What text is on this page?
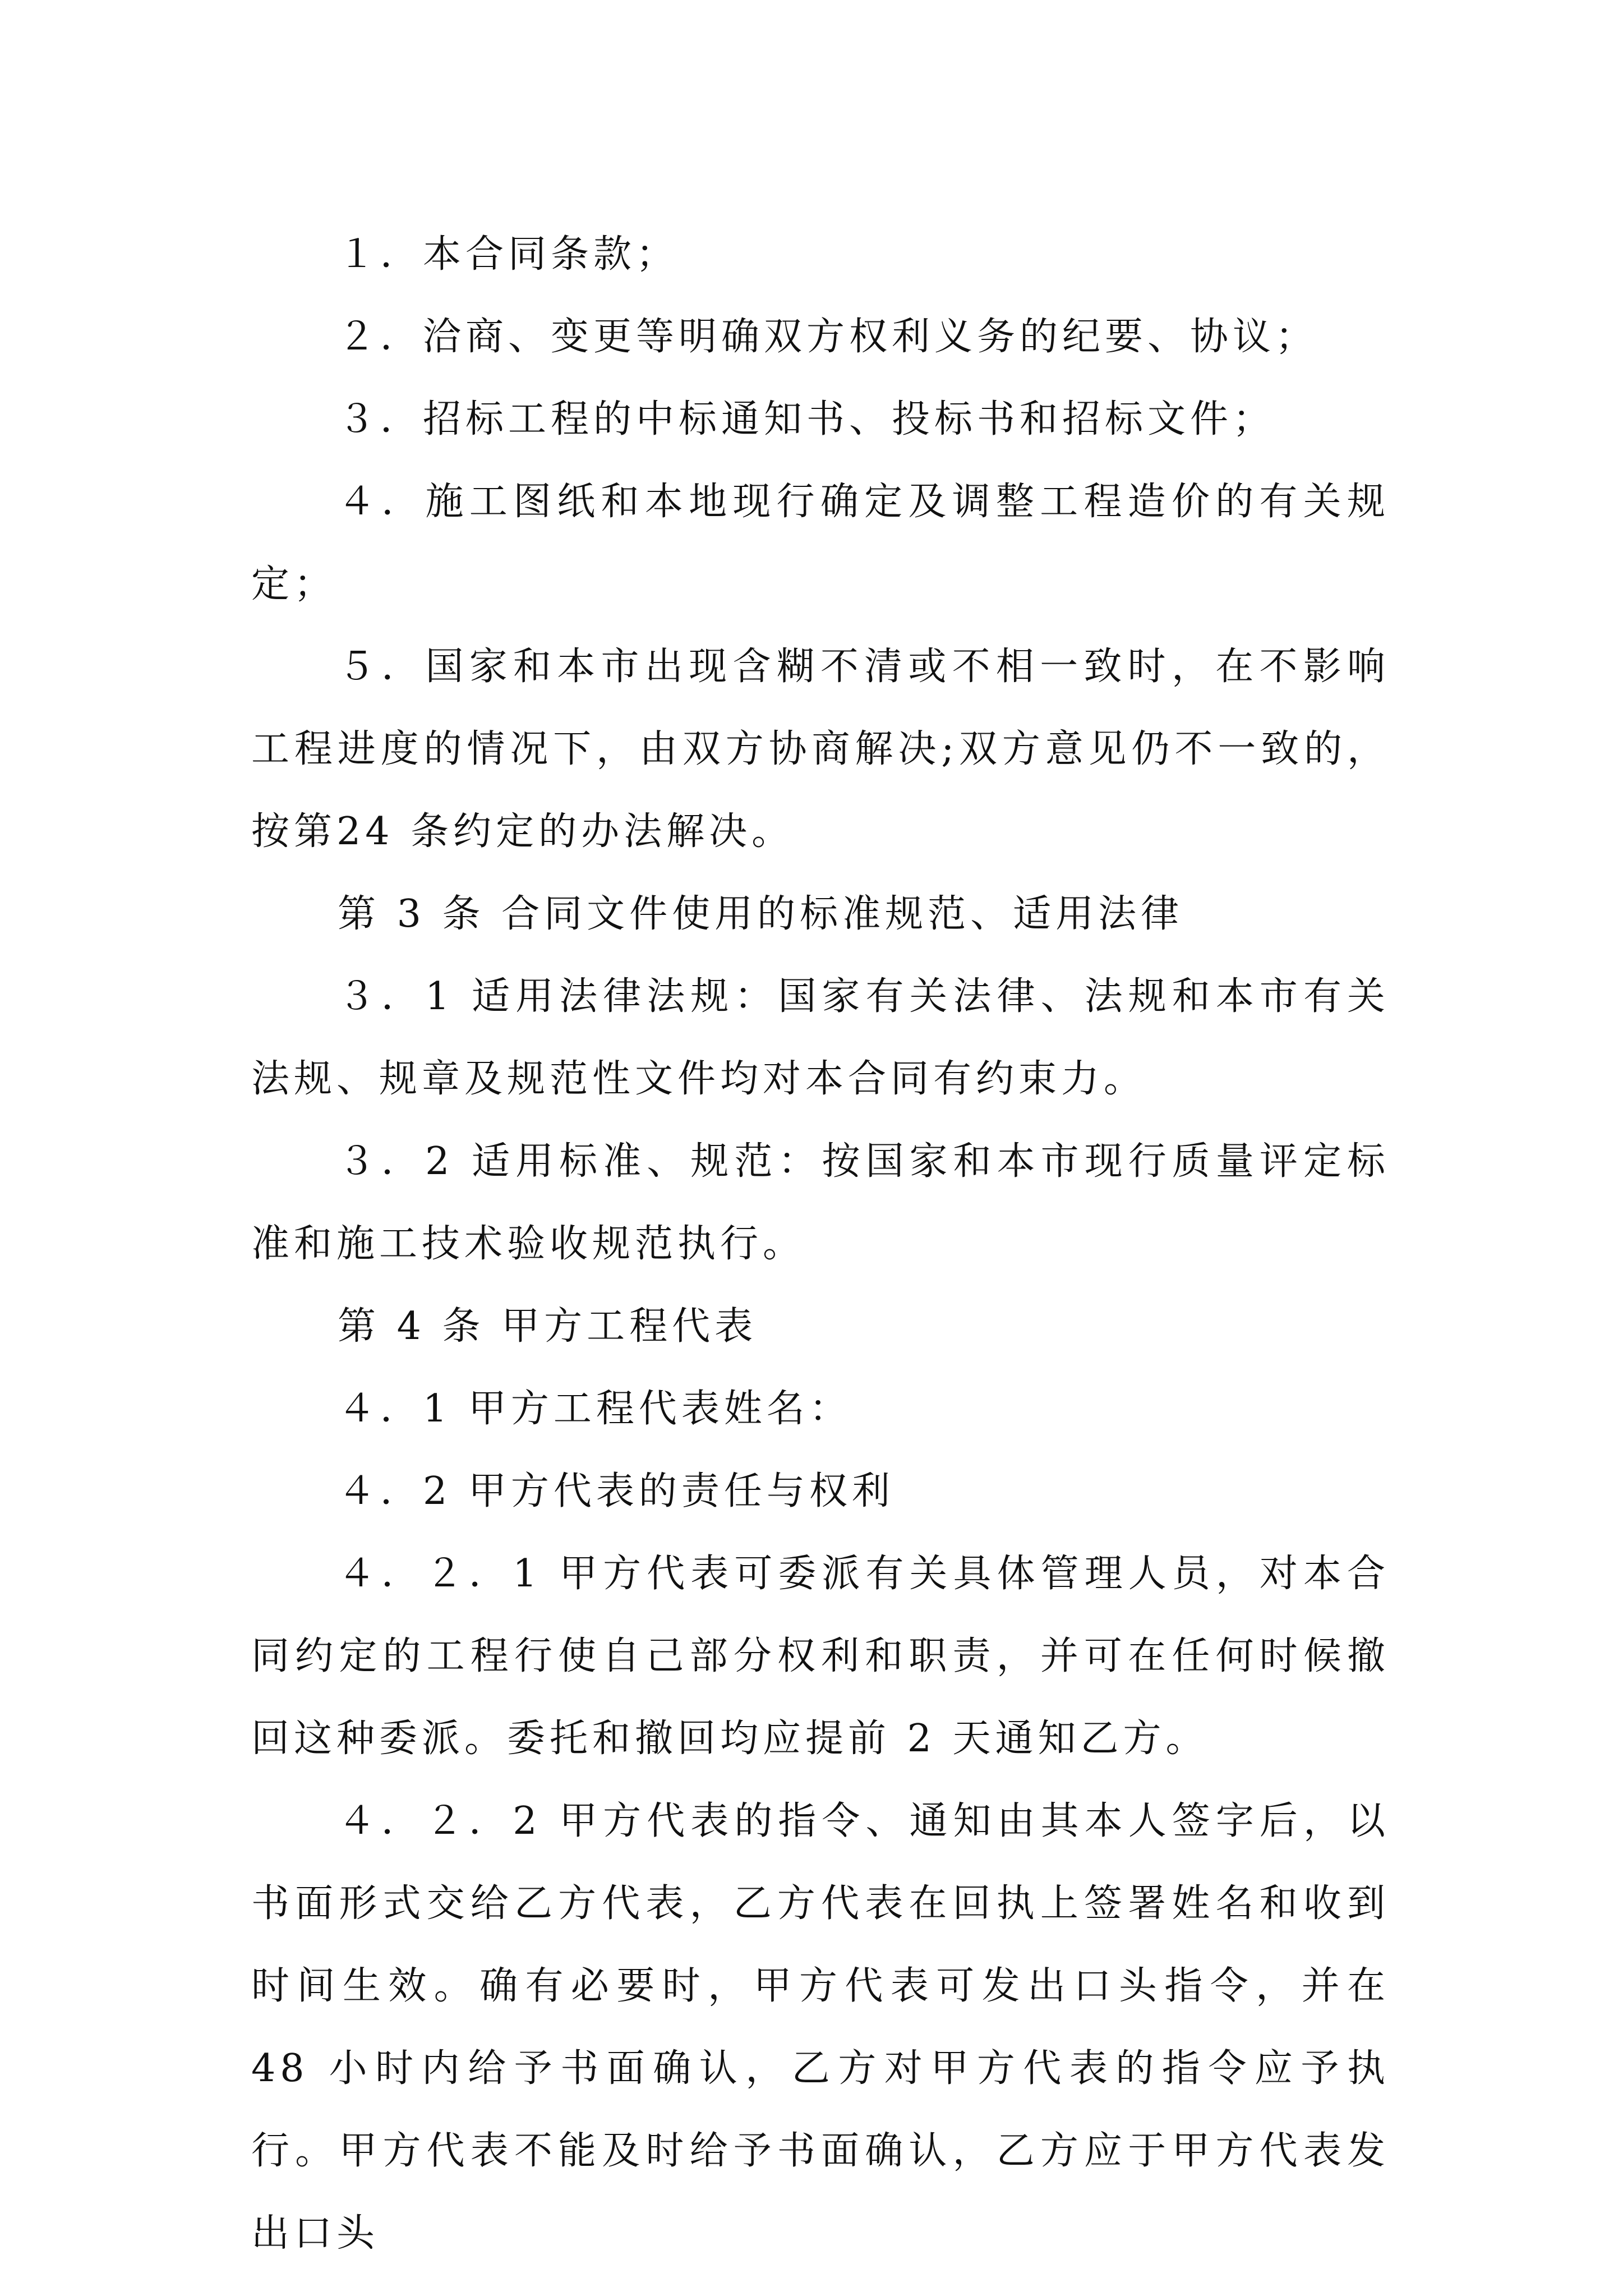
１．本合同条款；

２．洽商、变更等明确双方权利义务的纪要、协议；

３．招标工程的中标通知书、投标书和招标文件；

４．施工图纸和本地现行确定及调整工程造价的有关规定；

５．国家和本市出现含糊不清或不相一致时，在不影响工程进度的情况下，由双方协商解决;双方意见仍不一致的，按第24 条约定的办法解决。

第 3 条 合同文件使用的标准规范、适用法律

３．1 适用法律法规：国家有关法律、法规和本市有关法规、规章及规范性文件均对本合同有约束力。

３．2 适用标准、规范：按国家和本市现行质量评定标准和施工技术验收规范执行。

第 4 条 甲方工程代表

４．1 甲方工程代表姓名：

４．2 甲方代表的责任与权利

４．２．1 甲方代表可委派有关具体管理人员，对本合同约定的工程行使自己部分权利和职责，并可在任何时候撤回这种委派。委托和撤回均应提前 2 天通知乙方。

４．２．2 甲方代表的指令、通知由其本人签字后，以书面形式交给乙方代表，乙方代表在回执上签署姓名和收到时间生效。确有必要时，甲方代表可发出口头指令，并在 48 小时内给予书面确认，乙方对甲方代表的指令应予执行。甲方代表不能及时给予书面确认，乙方应于甲方代表发出口头
